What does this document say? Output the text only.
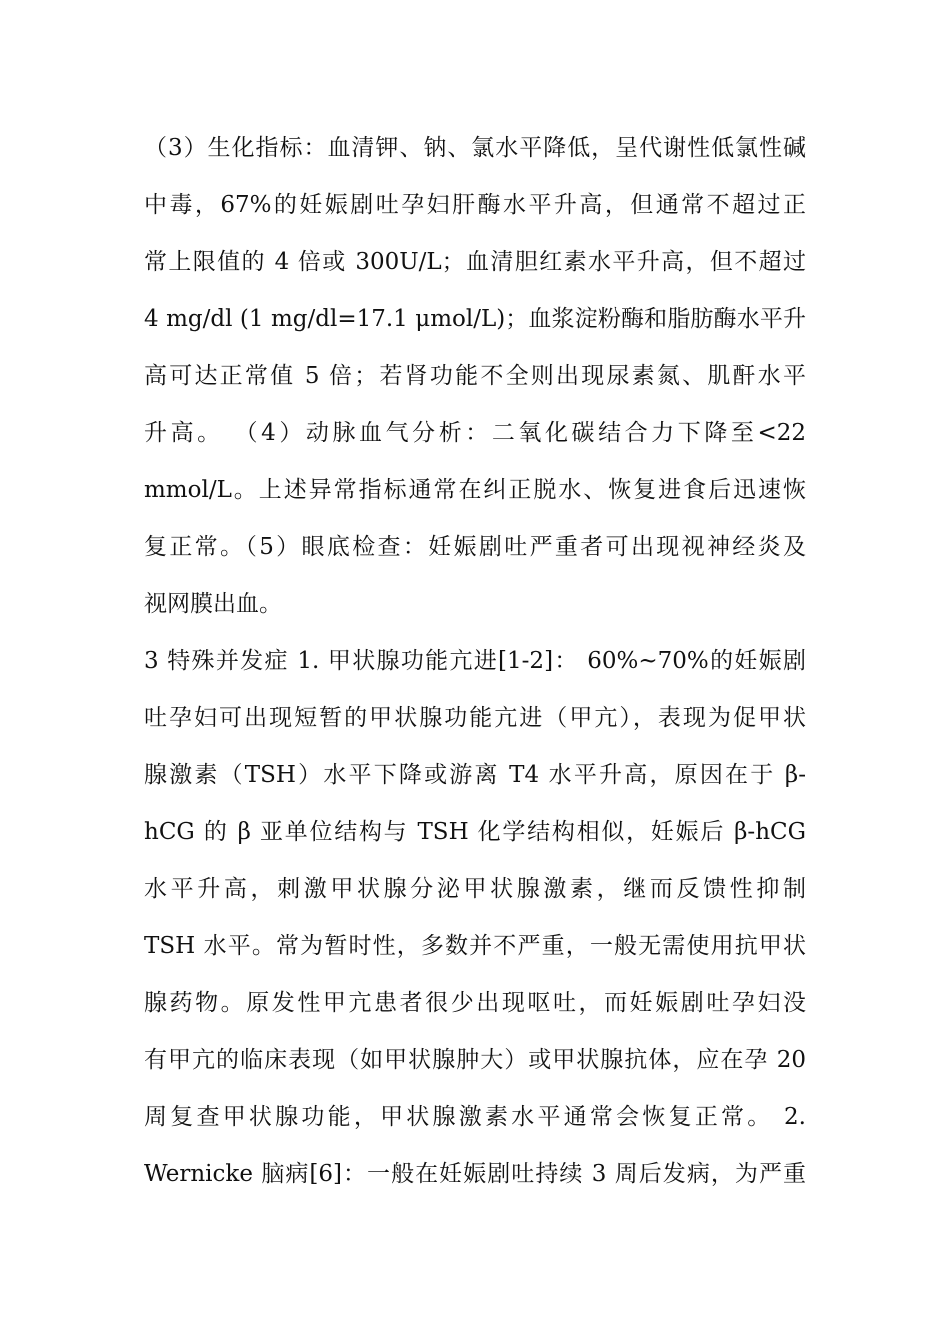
（3）生化指标：血清钾、钠、氯水平降低，呈代谢性低氯性碱
中毒，67%的妊娠剧吐孕妇肝酶水平升高，但通常不超过正
常上限值的 4 倍或 300U/L；血清胆红素水平升高，但不超过
4 mg/dl (1 mg/dl=17.1 μmol/L)；血浆淀粉酶和脂肪酶水平升
高可达正常值 5 倍；若肾功能不全则出现尿素氮、肌酐水平
升高。 （4）动脉血气分析：二氧化碳结合力下降至<22
mmol/L。上述异常指标通常在纠正脱水、恢复进食后迅速恢
复正常。（5）眼底检查：妊娠剧吐严重者可出现视神经炎及
视网膜出血。
3 特殊并发症 1. 甲状腺功能亢进[1-2]： 60%~70%的妊娠剧
吐孕妇可出现短暂的甲状腺功能亢进（甲亢），表现为促甲状
腺激素（TSH）水平下降或游离 T4 水平升高，原因在于 β-
hCG 的 β 亚单位结构与 TSH 化学结构相似，妊娠后 β-hCG
水平升高，刺激甲状腺分泌甲状腺激素，继而反馈性抑制
TSH 水平。常为暂时性，多数并不严重，一般无需使用抗甲状
腺药物。原发性甲亢患者很少出现呕吐，而妊娠剧吐孕妇没
有甲亢的临床表现（如甲状腺肿大）或甲状腺抗体，应在孕 20
周复查甲状腺功能，甲状腺激素水平通常会恢复正常。 2.
Wernicke 脑病[6]：一般在妊娠剧吐持续 3 周后发病，为严重
